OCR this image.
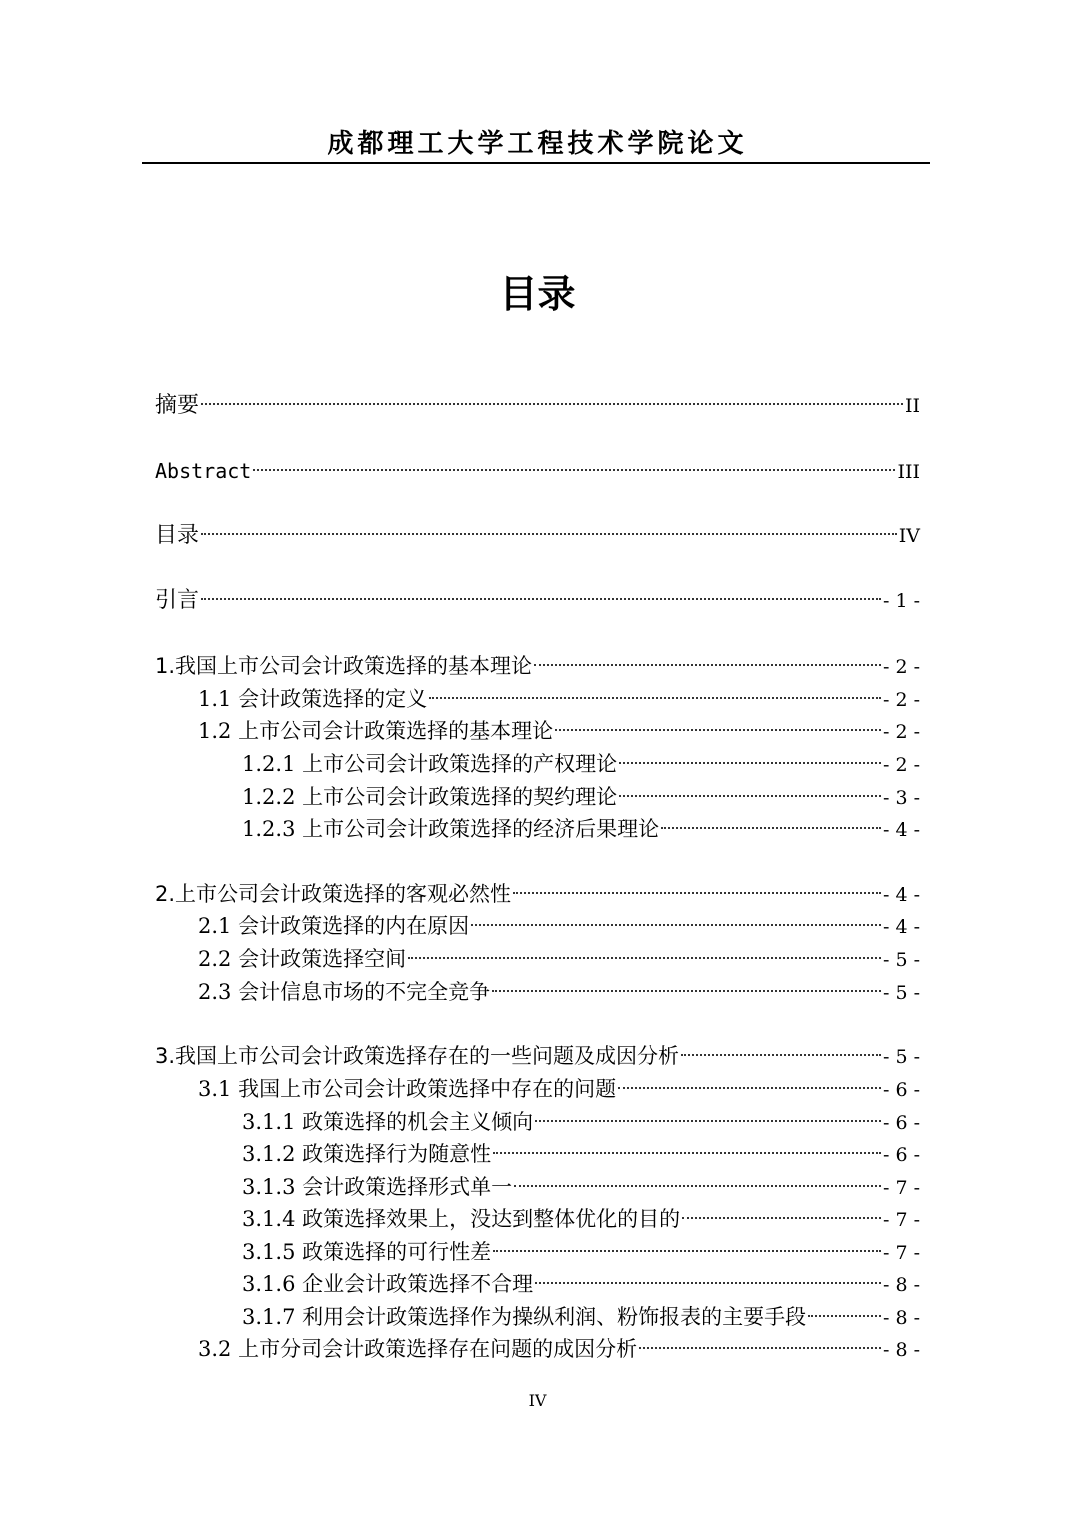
成都理工大学工程技术学院论文
目录
摘要	II
Abstract	III
目录	IV
引言	- 1 -
1.我国上市公司会计政策选择的基本理论	- 2 -
1.1 会计政策选择的定义	- 2 -
1.2 上市公司会计政策选择的基本理论	- 2 -
1.2.1 上市公司会计政策选择的产权理论	- 2 -
1.2.2 上市公司会计政策选择的契约理论	- 3 -
1.2.3 上市公司会计政策选择的经济后果理论	- 4 -
2.上市公司会计政策选择的客观必然性	- 4 -
2.1 会计政策选择的内在原因	- 4 -
2.2 会计政策选择空间	- 5 -
2.3 会计信息市场的不完全竞争	- 5 -
3.我国上市公司会计政策选择存在的一些问题及成因分析	- 5 -
3.1 我国上市公司会计政策选择中存在的问题	- 6 -
3.1.1 政策选择的机会主义倾向	- 6 -
3.1.2 政策选择行为随意性	- 6 -
3.1.3 会计政策选择形式单一	- 7 -
3.1.4 政策选择效果上，没达到整体优化的目的	- 7 -
3.1.5 政策选择的可行性差	- 7 -
3.1.6 企业会计政策选择不合理	- 8 -
3.1.7 利用会计政策选择作为操纵利润、粉饰报表的主要手段	- 8 -
3.2 上市分司会计政策选择存在问题的成因分析	- 8 -
IV
